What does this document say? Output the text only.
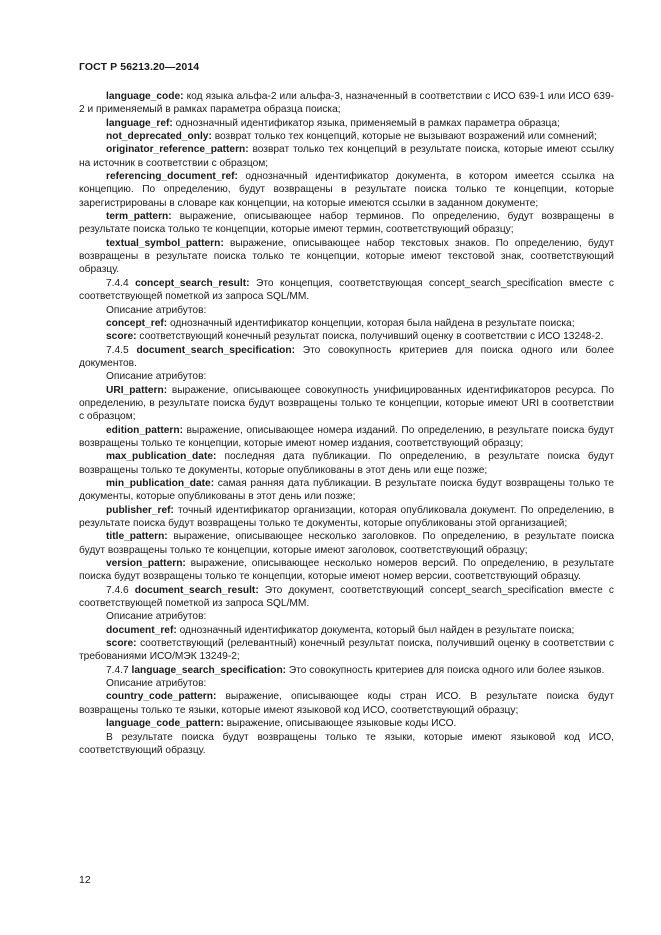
ГОСТ Р 56213.20—2014

language_code: код языка альфа-2 или альфа-3, назначенный в соответствии с ИСО 639-1 или ИСО 639-2 и применяемый в рамках параметра образца поиска;

language_ref: однозначный идентификатор языка, применяемый в рамках параметра образца;

not_deprecated_only: возврат только тех концепций, которые не вызывают возражений или сомнений;

originator_reference_pattern: возврат только тех концепций в результате поиска, которые имеют ссылку на источник в соответствии с образцом;

referencing_document_ref: однозначный идентификатор документа, в котором имеется ссылка на концепцию. По определению, будут возвращены в результате поиска только те концепции, которые зарегистрированы в словаре как концепции, на которые имеются ссылки в заданном документе;

term_pattern: выражение, описывающее набор терминов. По определению, будут возвращены в результате поиска только те концепции, которые имеют термин, соответствующий образцу;

textual_symbol_pattern: выражение, описывающее набор текстовых знаков. По определению, будут возвращены в результате поиска только те концепции, которые имеют текстовой знак, соответствующий образцу.

7.4.4 concept_search_result: Это концепция, соответствующая concept_search_specification вместе с соответствующей пометкой из запроса SQL/MM.

Описание атрибутов:

concept_ref: однозначный идентификатор концепции, которая была найдена в результате поиска;

score: соответствующий конечный результат поиска, получивший оценку в соответствии с ИСО 13248-2.

7.4.5 document_search_specification: Это совокупность критериев для поиска одного или более документов.

Описание атрибутов:

URI_pattern: выражение, описывающее совокупность унифицированных идентификаторов ресурса. По определению, в результате поиска будут возвращены только те концепции, которые имеют URI в соответствии с образцом;

edition_pattern: выражение, описывающее номера изданий. По определению, в результате поиска будут возвращены только те концепции, которые имеют номер издания, соответствующий образцу;

max_publication_date: последняя дата публикации. По определению, в результате поиска будут возвращены только те документы, которые опубликованы в этот день или еще позже;

min_publication_date: самая ранняя дата публикации. В результате поиска будут возвращены только те документы, которые опубликованы в этот день или позже;

publisher_ref: точный идентификатор организации, которая опубликовала документ. По определению, в результате поиска будут возвращены только те документы, которые опубликованы этой организацией;

title_pattern: выражение, описывающее несколько заголовков. По определению, в результате поиска будут возвращены только те концепции, которые имеют заголовок, соответствующий образцу;

version_pattern: выражение, описывающее несколько номеров версий. По определению, в результате поиска будут возвращены только те концепции, которые имеют номер версии, соответствующий образцу.

7.4.6 document_search_result: Это документ, соответствующий concept_search_specification вместе с соответствующей пометкой из запроса SQL/MM.

Описание атрибутов:

document_ref: однозначный идентификатор документа, который был найден в результате поиска;

score: соответствующий (релевантный) конечный результат поиска, получивший оценку в соответствии с требованиями ИСО/МЭК 13249-2;

7.4.7 language_search_specification: Это совокупность критериев для поиска одного или более языков.

Описание атрибутов:

country_code_pattern: выражение, описывающее коды стран ИСО. В результате поиска будут возвращены только те языки, которые имеют языковой код ИСО, соответствующий образцу;

language_code_pattern: выражение, описывающее языковые коды ИСО.

В результате поиска будут возвращены только те языки, которые имеют языковой код ИСО, соответствующий образцу.

12
